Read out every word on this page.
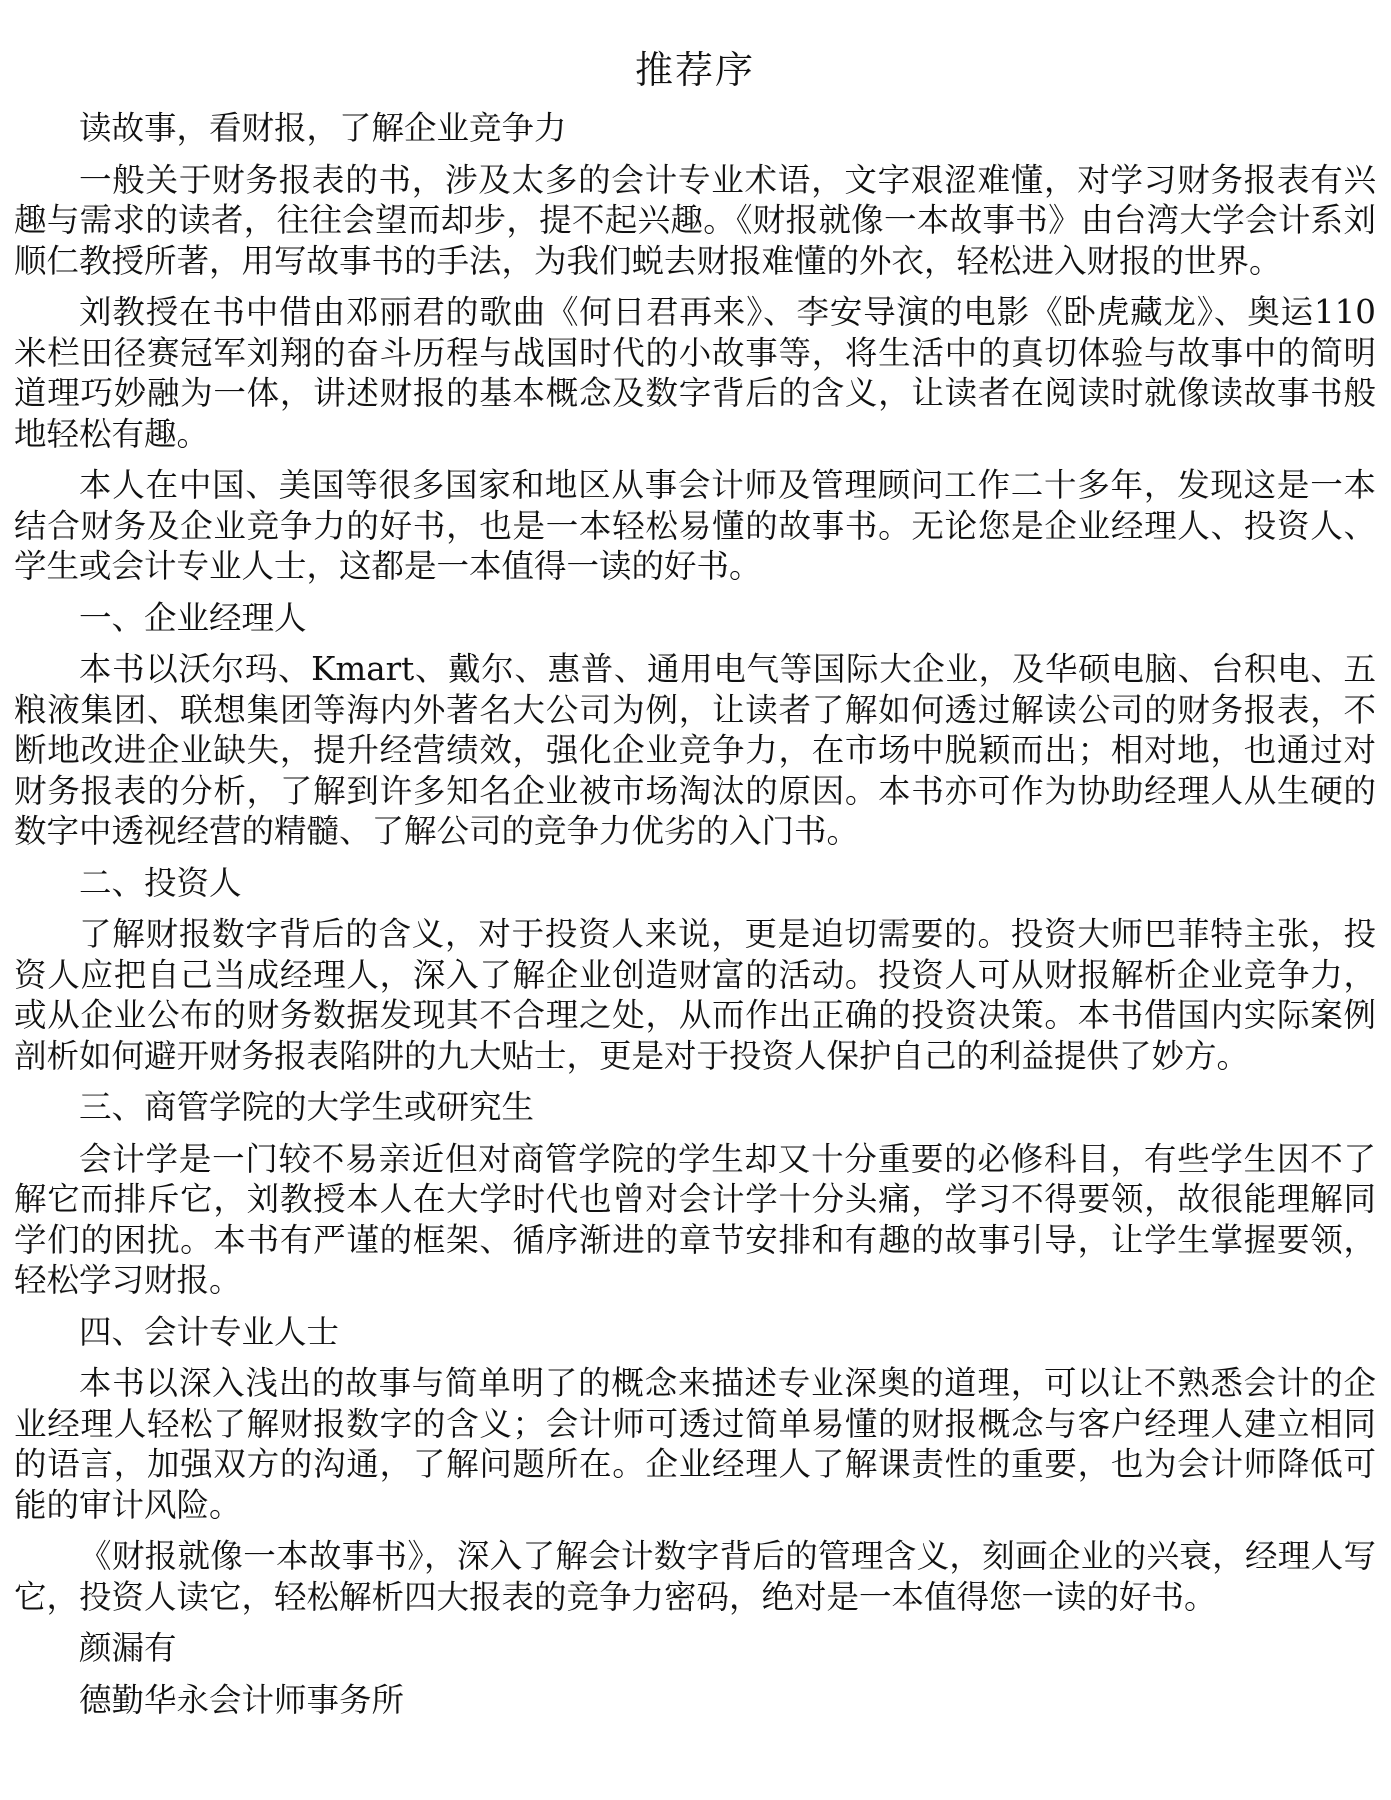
推荐序

读故事，看财报，了解企业竞争力

一般关于财务报表的书，涉及太多的会计专业术语，文字艰涩难懂，对学习财务报表有兴趣与需求的读者，往往会望而却步，提不起兴趣。《财报就像一本故事书》由台湾大学会计系刘顺仁教授所著，用写故事书的手法，为我们蜕去财报难懂的外衣，轻松进入财报的世界。

刘教授在书中借由邓丽君的歌曲《何日君再来》、李安导演的电影《卧虎藏龙》、奥运110米栏田径赛冠军刘翔的奋斗历程与战国时代的小故事等，将生活中的真切体验与故事中的简明道理巧妙融为一体，讲述财报的基本概念及数字背后的含义，让读者在阅读时就像读故事书般地轻松有趣。

本人在中国、美国等很多国家和地区从事会计师及管理顾问工作二十多年，发现这是一本结合财务及企业竞争力的好书，也是一本轻松易懂的故事书。无论您是企业经理人、投资人、学生或会计专业人士，这都是一本值得一读的好书。

一、企业经理人

本书以沃尔玛、Kmart、戴尔、惠普、通用电气等国际大企业，及华硕电脑、台积电、五粮液集团、联想集团等海内外著名大公司为例，让读者了解如何透过解读公司的财务报表，不断地改进企业缺失，提升经营绩效，强化企业竞争力，在市场中脱颖而出；相对地，也通过对财务报表的分析，了解到许多知名企业被市场淘汰的原因。本书亦可作为协助经理人从生硬的数字中透视经营的精髓、了解公司的竞争力优劣的入门书。

二、投资人

了解财报数字背后的含义，对于投资人来说，更是迫切需要的。投资大师巴菲特主张，投资人应把自己当成经理人，深入了解企业创造财富的活动。投资人可从财报解析企业竞争力，或从企业公布的财务数据发现其不合理之处，从而作出正确的投资决策。本书借国内实际案例剖析如何避开财务报表陷阱的九大贴士，更是对于投资人保护自己的利益提供了妙方。

三、商管学院的大学生或研究生

会计学是一门较不易亲近但对商管学院的学生却又十分重要的必修科目，有些学生因不了解它而排斥它，刘教授本人在大学时代也曾对会计学十分头痛，学习不得要领，故很能理解同学们的困扰。本书有严谨的框架、循序渐进的章节安排和有趣的故事引导，让学生掌握要领，轻松学习财报。

四、会计专业人士

本书以深入浅出的故事与简单明了的概念来描述专业深奥的道理，可以让不熟悉会计的企业经理人轻松了解财报数字的含义；会计师可透过简单易懂的财报概念与客户经理人建立相同的语言，加强双方的沟通，了解问题所在。企业经理人了解课责性的重要，也为会计师降低可能的审计风险。

《财报就像一本故事书》，深入了解会计数字背后的管理含义，刻画企业的兴衰，经理人写它，投资人读它，轻松解析四大报表的竞争力密码，绝对是一本值得您一读的好书。

颜漏有

德勤华永会计师事务所
